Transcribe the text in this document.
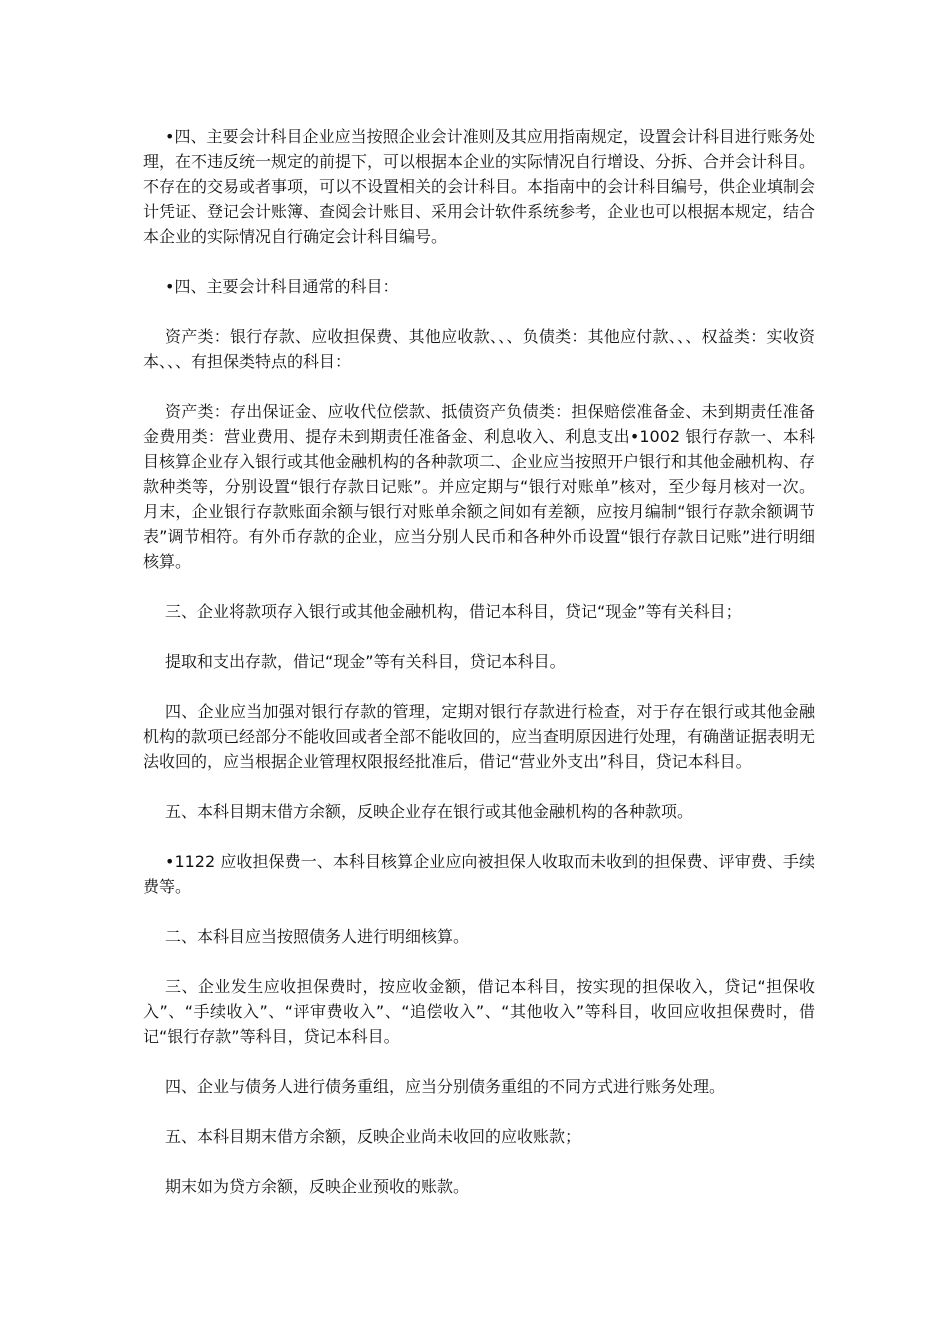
•四、主要会计科目企业应当按照企业会计准则及其应用指南规定，设置会计科目进行账务处理，在不违反统一规定的前提下，可以根据本企业的实际情况自行增设、分拆、合并会计科目。不存在的交易或者事项，可以不设置相关的会计科目。本指南中的会计科目编号，供企业填制会计凭证、登记会计账簿、查阅会计账目、采用会计软件系统参考，企业也可以根据本规定，结合本企业的实际情况自行确定会计科目编号。

•四、主要会计科目通常的科目：

资产类：银行存款、应收担保费、其他应收款、、、负债类：其他应付款、、、权益类：实收资本、、、有担保类特点的科目：

资产类：存出保证金、应收代位偿款、抵债资产负债类：担保赔偿准备金、未到期责任准备金费用类：营业费用、提存未到期责任准备金、利息收入、利息支出•1002 银行存款一、本科目核算企业存入银行或其他金融机构的各种款项二、企业应当按照开户银行和其他金融机构、存款种类等，分别设置“银行存款日记账”。并应定期与“银行对账单”核对，至少每月核对一次。月末，企业银行存款账面余额与银行对账单余额之间如有差额，应按月编制“银行存款余额调节表”调节相符。有外币存款的企业，应当分别人民币和各种外币设置“银行存款日记账”进行明细核算。

三、企业将款项存入银行或其他金融机构，借记本科目，贷记“现金”等有关科目；

提取和支出存款，借记“现金”等有关科目，贷记本科目。

四、企业应当加强对银行存款的管理，定期对银行存款进行检查，对于存在银行或其他金融机构的款项已经部分不能收回或者全部不能收回的，应当查明原因进行处理，有确凿证据表明无法收回的，应当根据企业管理权限报经批准后，借记“营业外支出”科目，贷记本科目。

五、本科目期末借方余额，反映企业存在银行或其他金融机构的各种款项。

•1122 应收担保费一、本科目核算企业应向被担保人收取而未收到的担保费、评审费、手续费等。

二、本科目应当按照债务人进行明细核算。

三、企业发生应收担保费时，按应收金额，借记本科目，按实现的担保收入，贷记“担保收入”、“手续收入”、“评审费收入”、“追偿收入”、“其他收入”等科目，收回应收担保费时，借记“银行存款”等科目，贷记本科目。

四、企业与债务人进行债务重组，应当分别债务重组的不同方式进行账务处理。

五、本科目期末借方余额，反映企业尚未收回的应收账款；

期末如为贷方余额，反映企业预收的账款。
